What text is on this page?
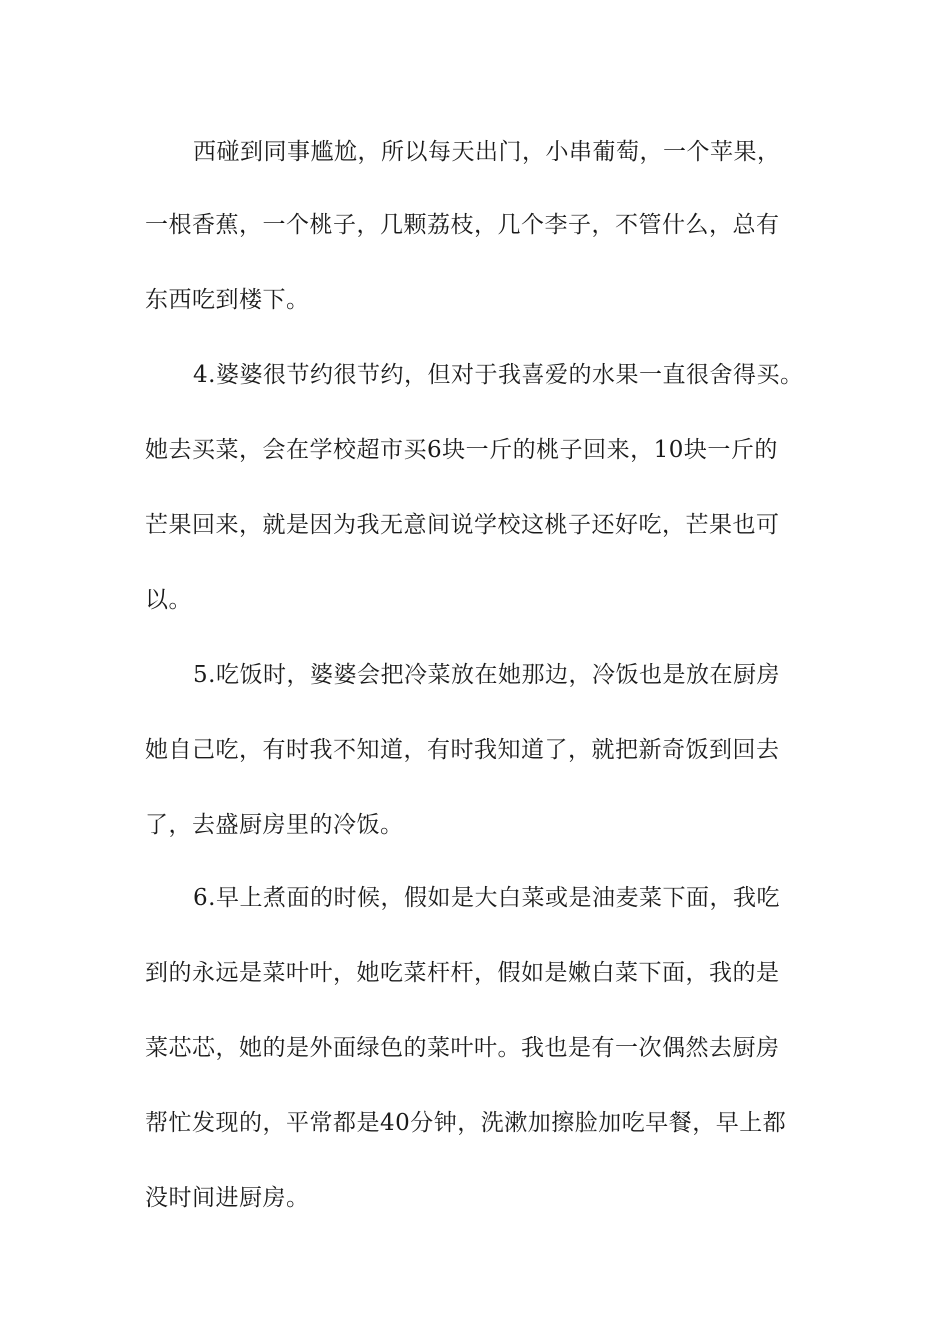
西碰到同事尴尬，所以每天出门，小串葡萄，一个苹果，
一根香蕉，一个桃子，几颗荔枝，几个李子，不管什么，总有
东西吃到楼下。
4.婆婆很节约很节约，但对于我喜爱的水果一直很舍得买。
她去买菜，会在学校超市买6块一斤的桃子回来，10块一斤的
芒果回来，就是因为我无意间说学校这桃子还好吃，芒果也可
以。
5.吃饭时，婆婆会把冷菜放在她那边，冷饭也是放在厨房
她自己吃，有时我不知道，有时我知道了，就把新奇饭到回去
了，去盛厨房里的冷饭。
6.早上煮面的时候，假如是大白菜或是油麦菜下面，我吃
到的永远是菜叶叶，她吃菜杆杆，假如是嫩白菜下面，我的是
菜芯芯，她的是外面绿色的菜叶叶。我也是有一次偶然去厨房
帮忙发现的，平常都是40分钟，洗漱加擦脸加吃早餐，早上都
没时间进厨房。
